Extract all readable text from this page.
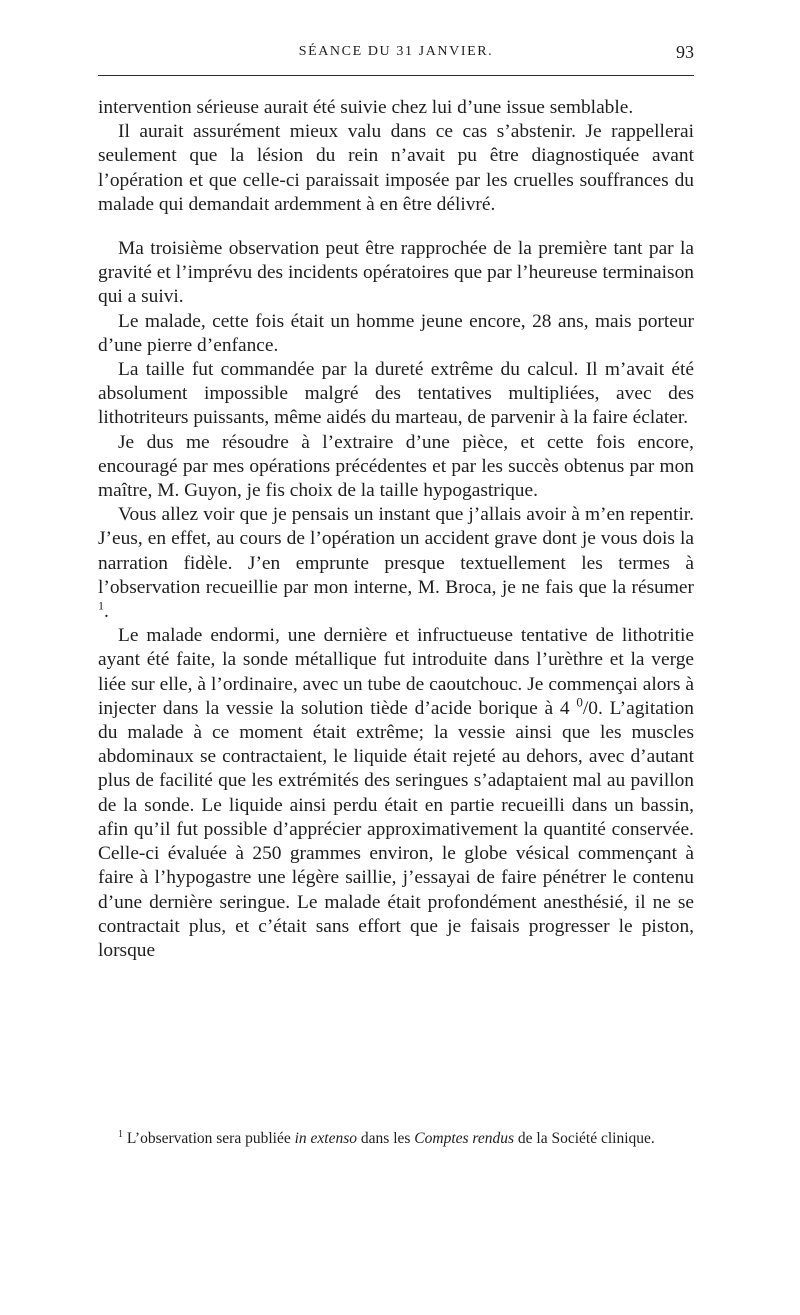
SÉANCE DU 31 JANVIER.	93

intervention sérieuse aurait été suivie chez lui d’une issue semblable.

Il aurait assurément mieux valu dans ce cas s’abstenir. Je rappellerai seulement que la lésion du rein n’avait pu être diagnostiquée avant l’opération et que celle-ci paraissait imposée par les cruelles souffrances du malade qui demandait ardemment à en être délivré.

Ma troisième observation peut être rapprochée de la première tant par la gravité et l’imprévu des incidents opératoires que par l’heureuse terminaison qui a suivi.

Le malade, cette fois était un homme jeune encore, 28 ans, mais porteur d’une pierre d’enfance.

La taille fut commandée par la dureté extrême du calcul. Il m’avait été absolument impossible malgré des tentatives multipliées, avec des lithotriteurs puissants, même aidés du marteau, de parvenir à la faire éclater.

Je dus me résoudre à l’extraire d’une pièce, et cette fois encore, encouragé par mes opérations précédentes et par les succès obtenus par mon maître, M. Guyon, je fis choix de la taille hypogastrique.

Vous allez voir que je pensais un instant que j’allais avoir à m’en repentir. J’eus, en effet, au cours de l’opération un accident grave dont je vous dois la narration fidèle. J’en emprunte presque textuellement les termes à l’observation recueillie par mon interne, M. Broca, je ne fais que la résumer $^1$.

Le malade endormi, une dernière et infructueuse tentative de lithotritie ayant été faite, la sonde métallique fut introduite dans l’urèthre et la verge liée sur elle, à l’ordinaire, avec un tube de caoutchouc. Je commençai alors à injecter dans la vessie la solution tiède d’acide borique à 4 $^0$/0. L’agitation du malade à ce moment était extrême; la vessie ainsi que les muscles abdominaux se contractaient, le liquide était rejeté au dehors, avec d’autant plus de facilité que les extrémités des seringues s’adaptaient mal au pavillon de la sonde. Le liquide ainsi perdu était en partie recueilli dans un bassin, afin qu’il fut possible d’apprécier approximativement la quantité conservée. Celle-ci évaluée à 250 grammes environ, le globe vésical commençant à faire à l’hypogastre une légère saillie, j’essayai de faire pénétrer le contenu d’une dernière seringue. Le malade était profondément anesthésié, il ne se contractait plus, et c’était sans effort que je faisais progresser le piston, lorsque

$^1$ L’observation sera publiée in extenso dans les Comptes rendus de la Société clinique.
